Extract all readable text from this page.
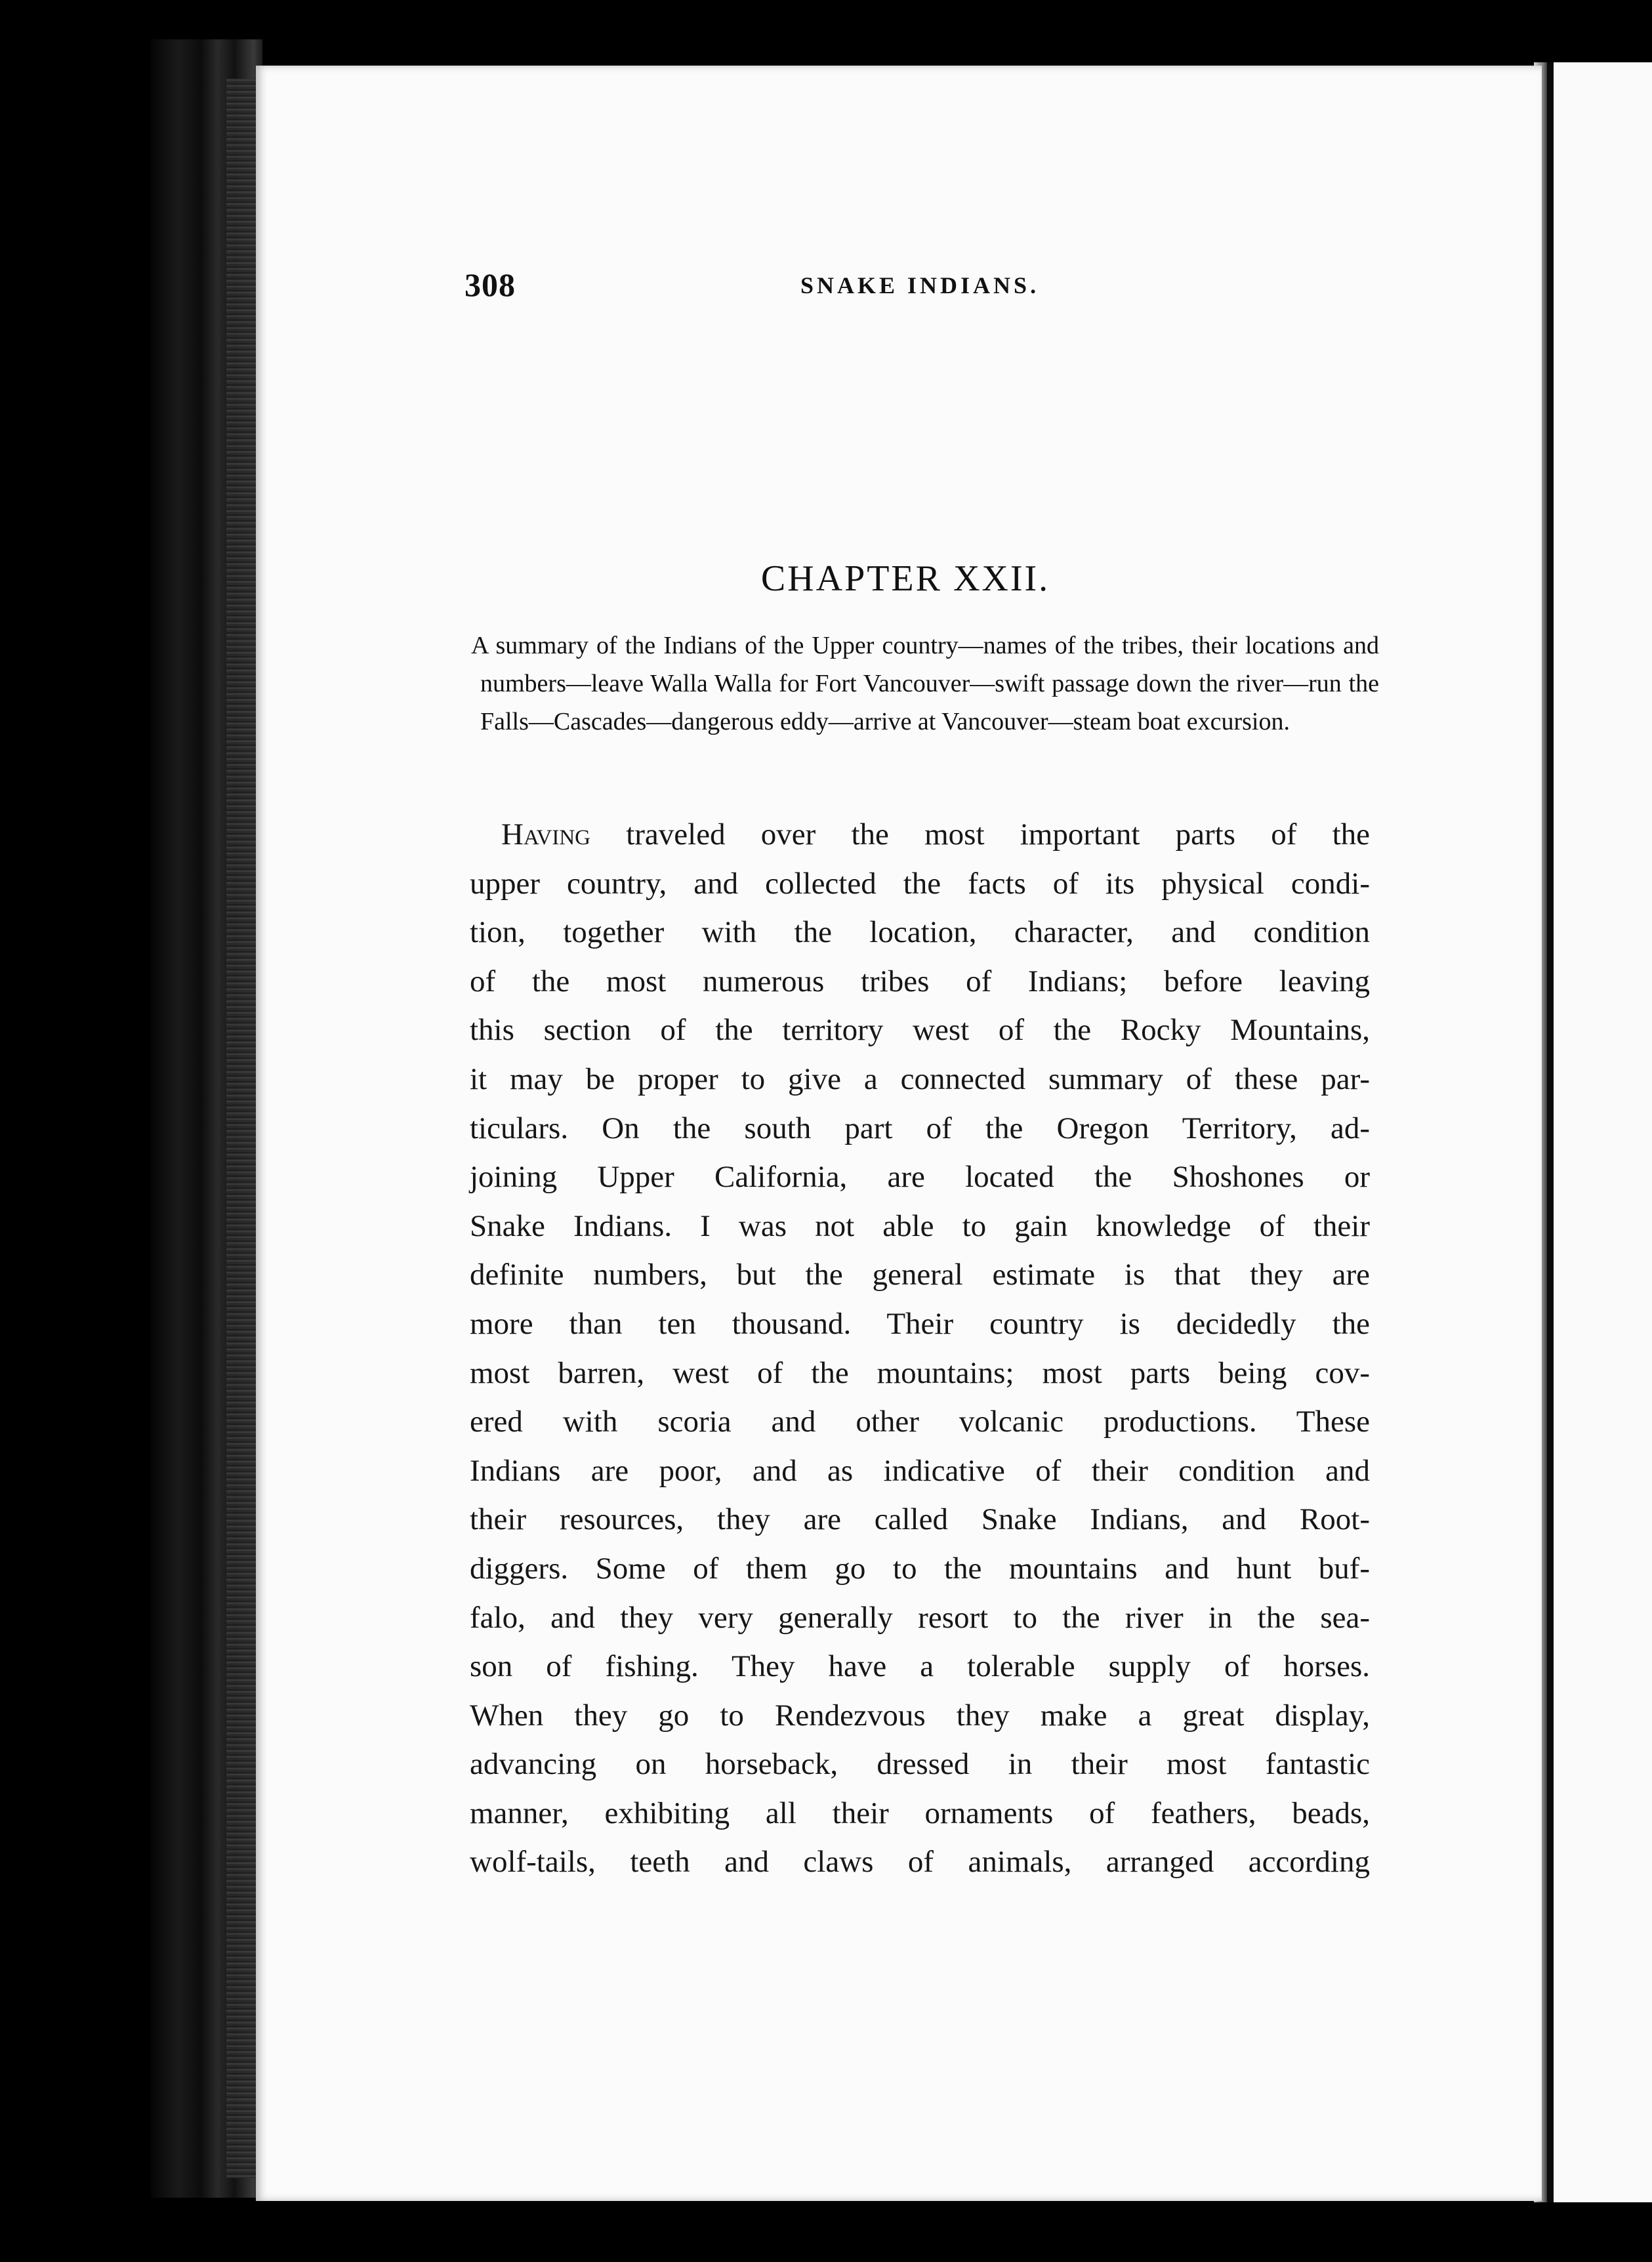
308	SNAKE INDIANS.
CHAPTER XXII.
A summary of the Indians of the Upper country—names of the tribes, their locations and numbers—leave Walla Walla for Fort Vancouver—swift passage down the river—run the Falls—Cascades—dangerous eddy—arrive at Vancouver—steam boat excursion.
Having traveled over the most important parts of the
upper country, and collected the facts of its physical condi-
tion, together with the location, character, and condition
of the most numerous tribes of Indians; before leaving
this section of the territory west of the Rocky Mountains,
it may be proper to give a connected summary of these par-
ticulars. On the south part of the Oregon Territory, ad-
joining Upper California, are located the Shoshones or
Snake Indians. I was not able to gain knowledge of their
definite numbers, but the general estimate is that they are
more than ten thousand. Their country is decidedly the
most barren, west of the mountains; most parts being cov-
ered with scoria and other volcanic productions. These
Indians are poor, and as indicative of their condition and
their resources, they are called Snake Indians, and Root-
diggers. Some of them go to the mountains and hunt buf-
falo, and they very generally resort to the river in the sea-
son of fishing. They have a tolerable supply of horses.
When they go to Rendezvous they make a great display,
advancing on horseback, dressed in their most fantastic
manner, exhibiting all their ornaments of feathers, beads,
wolf-tails, teeth and claws of animals, arranged according
